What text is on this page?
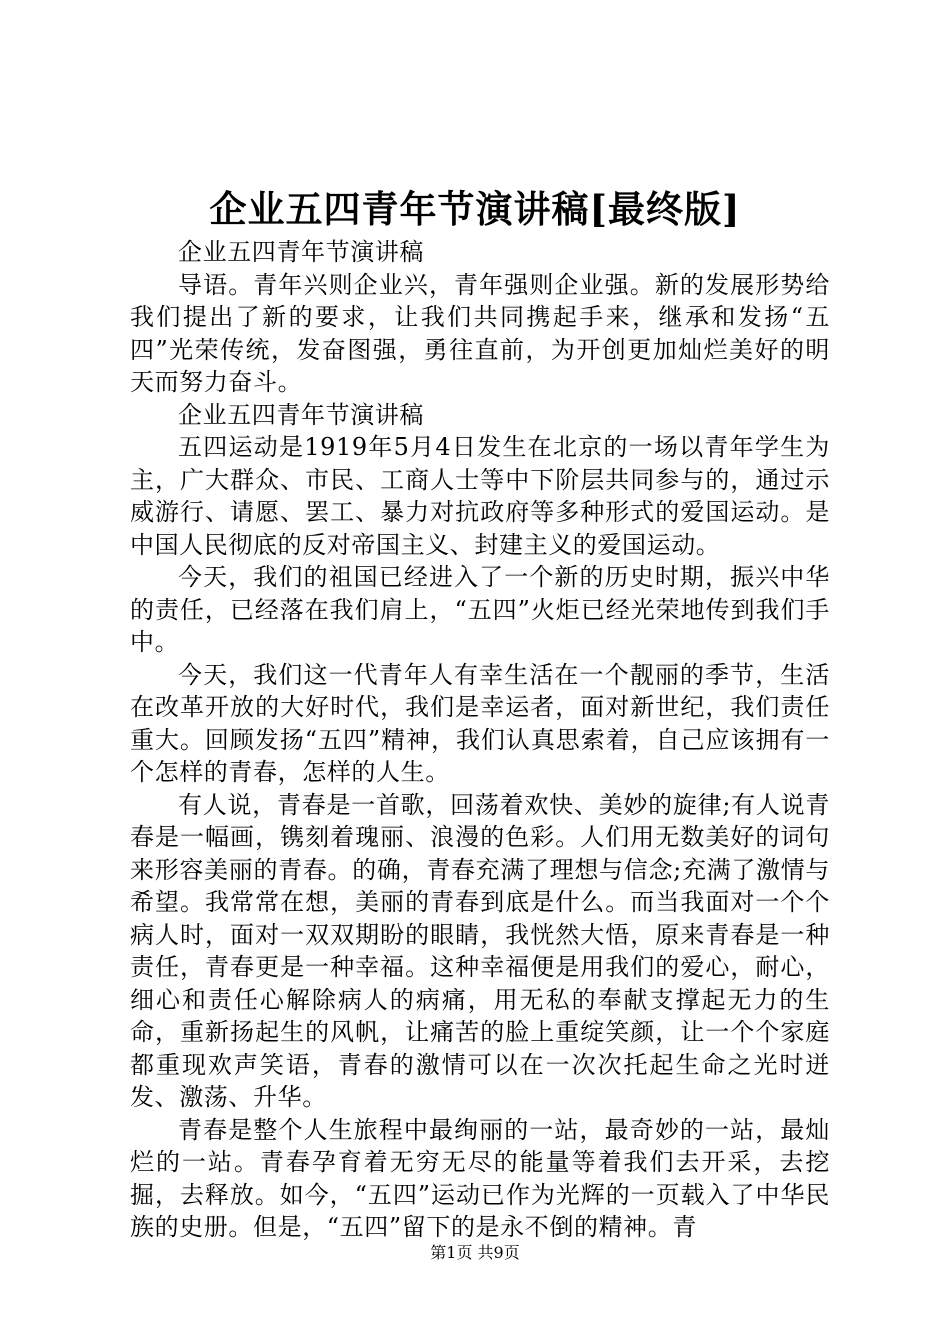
企业五四青年节演讲稿[最终版]

企业五四青年节演讲稿

导语。青年兴则企业兴，青年强则企业强。新的发展形势给我们提出了新的要求，让我们共同携起手来，继承和发扬“五四”光荣传统，发奋图强，勇往直前，为开创更加灿烂美好的明天而努力奋斗。

企业五四青年节演讲稿

五四运动是1919年5月4日发生在北京的一场以青年学生为主，广大群众、市民、工商人士等中下阶层共同参与的，通过示威游行、请愿、罢工、暴力对抗政府等多种形式的爱国运动。是中国人民彻底的反对帝国主义、封建主义的爱国运动。

今天，我们的祖国已经进入了一个新的历史时期，振兴中华的责任，已经落在我们肩上，“五四”火炬已经光荣地传到我们手中。

今天，我们这一代青年人有幸生活在一个靓丽的季节，生活在改革开放的大好时代，我们是幸运者，面对新世纪，我们责任重大。回顾发扬“五四”精神，我们认真思索着，自己应该拥有一个怎样的青春，怎样的人生。

有人说，青春是一首歌，回荡着欢快、美妙的旋律;有人说青春是一幅画，镌刻着瑰丽、浪漫的色彩。人们用无数美好的词句来形容美丽的青春。的确，青春充满了理想与信念;充满了激情与希望。我常常在想，美丽的青春到底是什么。而当我面对一个个病人时，面对一双双期盼的眼睛，我恍然大悟，原来青春是一种责任，青春更是一种幸福。这种幸福便是用我们的爱心，耐心，细心和责任心解除病人的病痛，用无私的奉献支撑起无力的生命，重新扬起生的风帆，让痛苦的脸上重绽笑颜，让一个个家庭都重现欢声笑语，青春的激情可以在一次次托起生命之光时迸发、激荡、升华。

青春是整个人生旅程中最绚丽的一站，最奇妙的一站，最灿烂的一站。青春孕育着无穷无尽的能量等着我们去开采，去挖掘，去释放。如今，“五四”运动已作为光辉的一页载入了中华民族的史册。但是，“五四”留下的是永不倒的精神。青

第1页 共9页
